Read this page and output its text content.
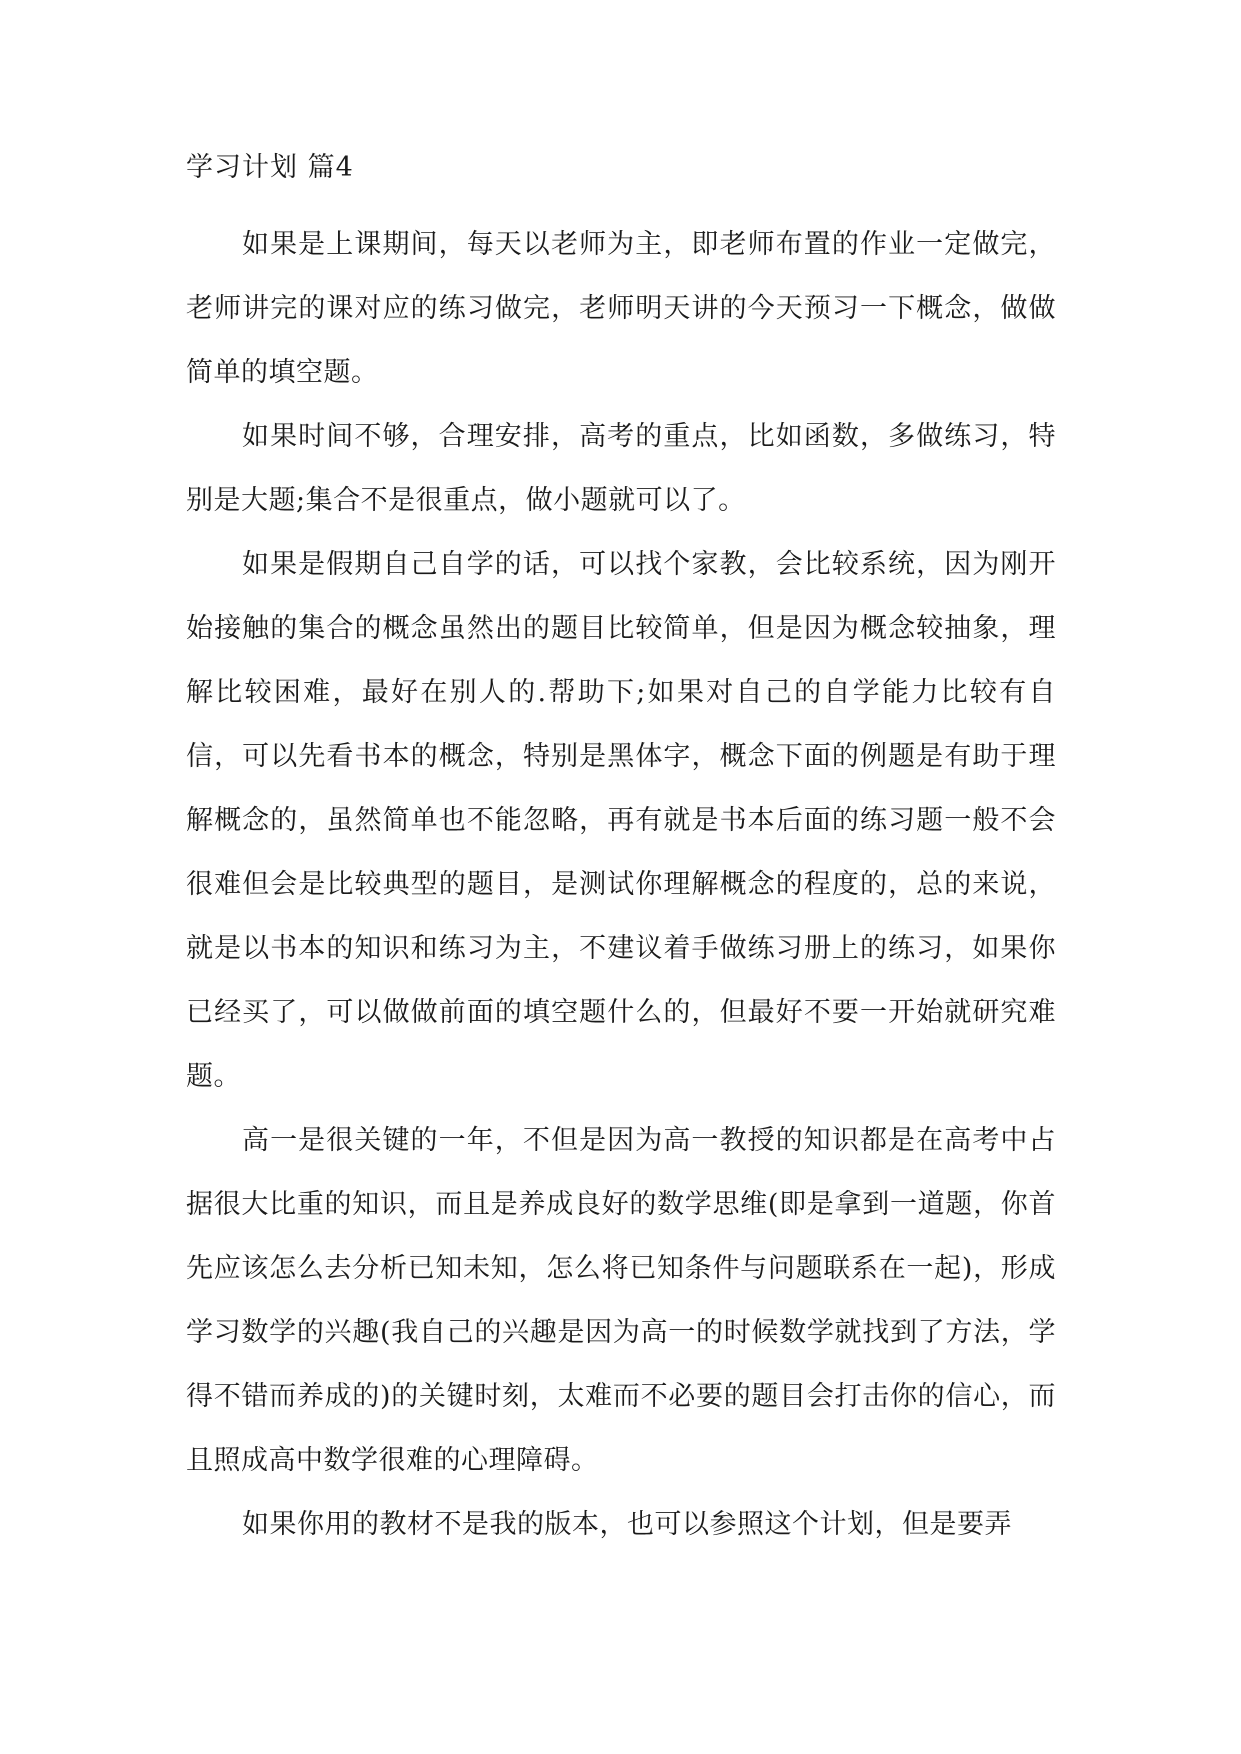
学习计划 篇4

如果是上课期间，每天以老师为主，即老师布置的作业一定做完，老师讲完的课对应的练习做完，老师明天讲的今天预习一下概念，做做简单的填空题。

如果时间不够，合理安排，高考的重点，比如函数，多做练习，特别是大题;集合不是很重点，做小题就可以了。

如果是假期自己自学的话，可以找个家教，会比较系统，因为刚开始接触的集合的概念虽然出的题目比较简单，但是因为概念较抽象，理解比较困难，最好在别人的.帮助下;如果对自己的自学能力比较有自信，可以先看书本的概念，特别是黑体字，概念下面的例题是有助于理解概念的，虽然简单也不能忽略，再有就是书本后面的练习题一般不会很难但会是比较典型的题目，是测试你理解概念的程度的，总的来说，就是以书本的知识和练习为主，不建议着手做练习册上的练习，如果你已经买了，可以做做前面的填空题什么的，但最好不要一开始就研究难题。

高一是很关键的一年，不但是因为高一教授的知识都是在高考中占据很大比重的知识，而且是养成良好的数学思维(即是拿到一道题，你首先应该怎么去分析已知未知，怎么将已知条件与问题联系在一起)，形成学习数学的兴趣(我自己的兴趣是因为高一的时候数学就找到了方法，学得不错而养成的)的关键时刻，太难而不必要的题目会打击你的信心，而且照成高中数学很难的心理障碍。

如果你用的教材不是我的版本，也可以参照这个计划，但是要弄
